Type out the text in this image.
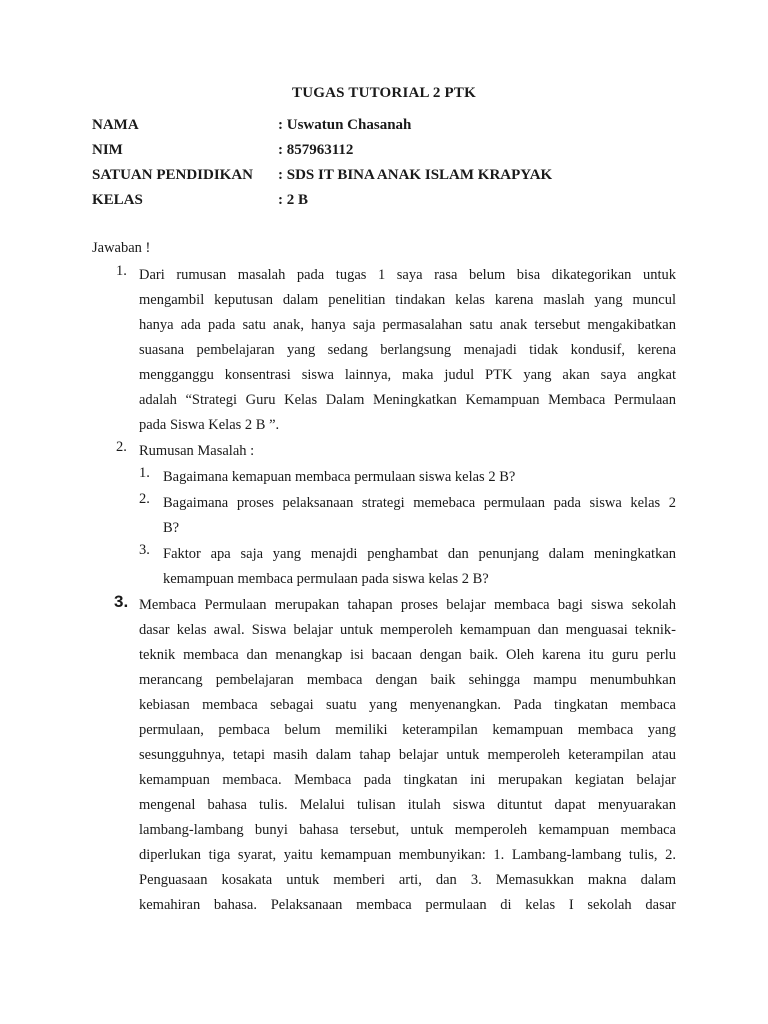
TUGAS TUTORIAL 2 PTK
NAMA	: Uswatun Chasanah
NIM	: 857963112
SATUAN PENDIDIKAN : SDS IT BINA ANAK ISLAM KRAPYAK
KELAS	: 2 B
Jawaban !
1. Dari rumusan masalah pada tugas 1 saya rasa belum bisa dikategorikan untuk
mengambil keputusan dalam penelitian tindakan kelas karena maslah yang muncul
hanya ada pada satu anak, hanya saja permasalahan satu anak tersebut mengakibatkan
suasana pembelajaran yang sedang berlangsung menajadi tidak kondusif, kerena
mengganggu konsentrasi siswa lainnya, maka judul PTK yang akan saya angkat
adalah “Strategi Guru Kelas Dalam Meningkatkan Kemampuan Membaca Permulaan
pada Siswa Kelas 2 B ”.

2. Rumusan Masalah :

1. Bagaimana kemapuan membaca permulaan siswa kelas 2 B?

2. Bagaimana proses pelaksanaan strategi memebaca permulaan pada siswa kelas 2
B?

3. Faktor apa saja yang menajdi penghambat dan penunjang dalam meningkatkan
kemampuan membaca permulaan pada siswa kelas 2 B?

3. Membaca Permulaan merupakan tahapan proses belajar membaca bagi siswa sekolah
dasar kelas awal. Siswa belajar untuk memperoleh kemampuan dan menguasai teknik-
teknik membaca dan menangkap isi bacaan dengan baik. Oleh karena itu guru perlu
merancang pembelajaran membaca dengan baik sehingga mampu menumbuhkan
kebiasan membaca sebagai suatu yang menyenangkan. Pada tingkatan membaca
permulaan, pembaca belum memiliki keterampilan kemampuan membaca yang
sesungguhnya, tetapi masih dalam tahap belajar untuk memperoleh keterampilan atau
kemampuan membaca. Membaca pada tingkatan ini merupakan kegiatan belajar
mengenal bahasa tulis. Melalui tulisan itulah siswa dituntut dapat menyuarakan
lambang-lambang bunyi bahasa tersebut, untuk memperoleh kemampuan membaca
diperlukan tiga syarat, yaitu kemampuan membunyikan: 1. Lambang-lambang tulis, 2.
Penguasaan kosakata untuk memberi arti, dan 3. Memasukkan makna dalam
kemahiran bahasa. Pelaksanaan membaca permulaan di kelas I sekolah dasar
